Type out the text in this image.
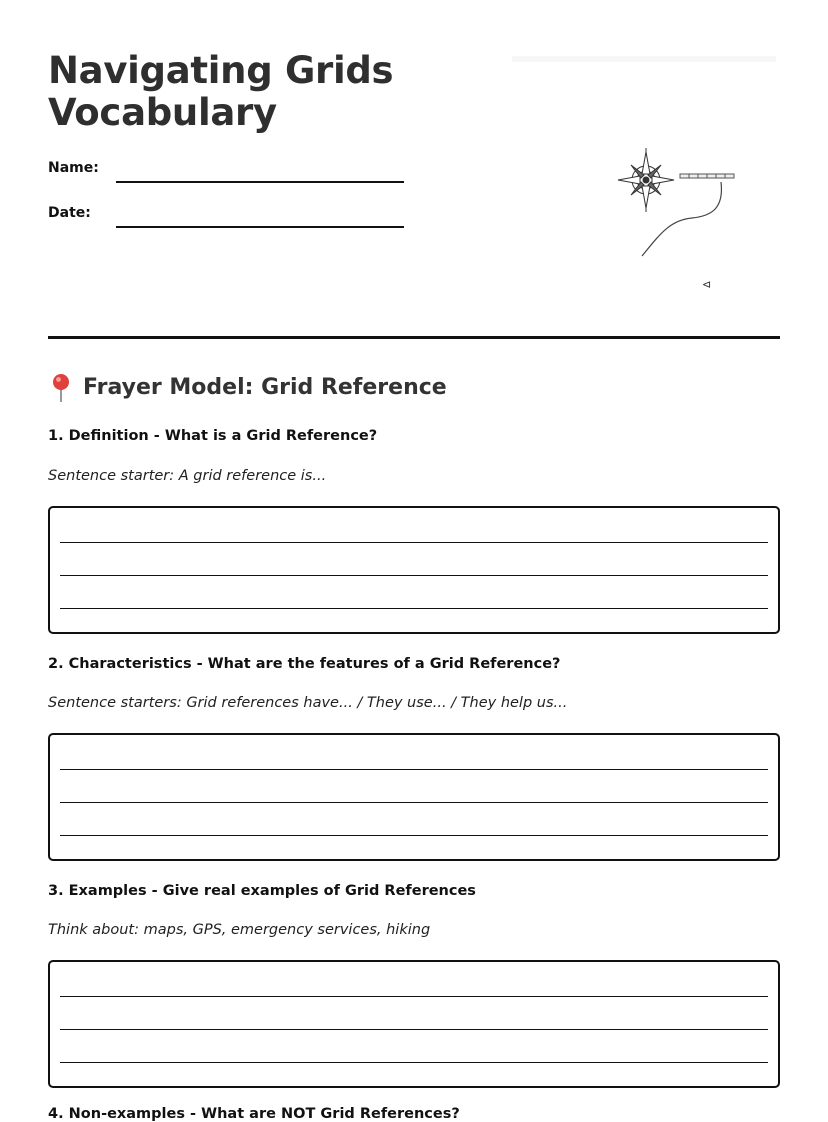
Navigating Grids
Vocabulary
Name:
Date:
⊲
Frayer Model: Grid Reference

1. Definition - What is a Grid Reference?

Sentence starter: A grid reference is...

2. Characteristics - What are the features of a Grid Reference?

Sentence starters: Grid references have... / They use... / They help us...

3. Examples - Give real examples of Grid References

Think about: maps, GPS, emergency services, hiking

4. Non-examples - What are NOT Grid References?
